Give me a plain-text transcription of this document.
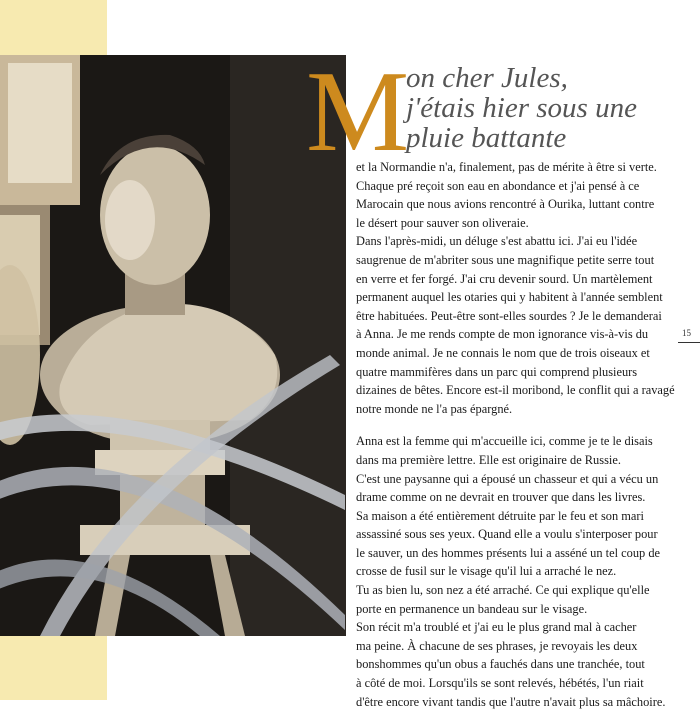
M
on cher Jules,
j'étais hier sous une
pluie battante
et la Normandie n'a, finalement, pas de mérite à être si verte.
Chaque pré reçoit son eau en abondance et j'ai pensé à ce
Marocain que nous avions rencontré à Ourika, luttant contre
le désert pour sauver son oliveraie.
Dans l'après-midi, un déluge s'est abattu ici. J'ai eu l'idée
saugrenue de m'abriter sous une magnifique petite serre tout
en verre et fer forgé. J'ai cru devenir sourd. Un martèlement
permanent auquel les otaries qui y habitent à l'année semblent
être habituées. Peut-être sont-elles sourdes ? Je le demanderai
à Anna. Je me rends compte de mon ignorance vis-à-vis du
monde animal. Je ne connais le nom que de trois oiseaux et
quatre mammifères dans un parc qui comprend plusieurs
dizaines de bêtes. Encore est-il moribond, le conflit qui a ravagé
notre monde ne l'a pas épargné.
Anna est la femme qui m'accueille ici, comme je te le disais
dans ma première lettre. Elle est originaire de Russie.
C'est une paysanne qui a épousé un chasseur et qui a vécu un
drame comme on ne devrait en trouver que dans les livres.
Sa maison a été entièrement détruite par le feu et son mari
assassiné sous ses yeux. Quand elle a voulu s'interposer pour
le sauver, un des hommes présents lui a asséné un tel coup de
crosse de fusil sur le visage qu'il lui a arraché le nez.
Tu as bien lu, son nez a été arraché. Ce qui explique qu'elle
porte en permanence un bandeau sur le visage.
Son récit m'a troublé et j'ai eu le plus grand mal à cacher
ma peine. À chacune de ses phrases, je revoyais les deux
bonshommes qu'un obus a fauchés dans une tranchée, tout
à côté de moi. Lorsqu'ils se sont relevés, hébétés, l'un riait
d'être encore vivant tandis que l'autre n'avait plus sa mâchoire.
15
